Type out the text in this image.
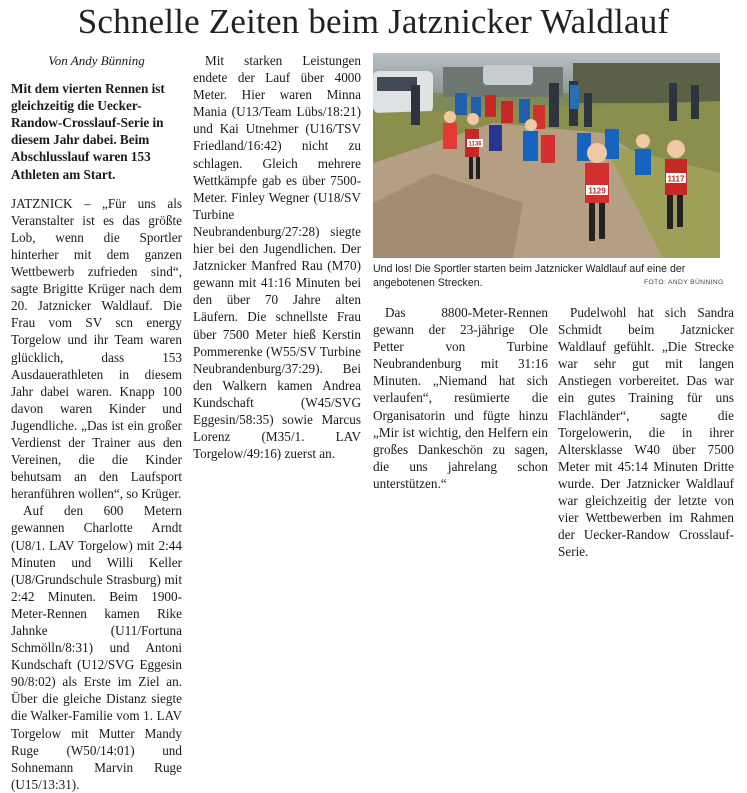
Schnelle Zeiten beim Jatznicker Waldlauf

Von Andy Bünning

Mit dem vierten Rennen ist gleichzeitig die Uecker-Randow-Crosslauf-Serie in diesem Jahr dabei. Beim Abschlusslauf waren 153 Athleten am Start.

JATZNICK – „Für uns als Veranstalter ist es das größte Lob, wenn die Sportler hinterher mit dem ganzen Wettbewerb zufrieden sind“, sagte Brigitte Krüger nach dem 20. Jatznicker Waldlauf. Die Frau vom SV scn energy Torgelow und ihr Team waren glücklich, dass 153 Ausdauerathleten in diesem Jahr dabei waren. Knapp 100 davon waren Kinder und Jugendliche. „Das ist ein großer Verdienst der Trainer aus den Vereinen, die die Kinder behutsam an den Laufsport heranführen wollen“, so Krüger.

Auf den 600 Metern gewannen Charlotte Arndt (U8/1. LAV Torgelow) mit 2:44 Minuten und Willi Keller (U8/Grundschule Strasburg) mit 2:42 Minuten. Beim 1900-Meter-Rennen kamen Rike Jahnke (U11/Fortuna Schmölln/8:31) und Antoni Kundschaft (U12/SVG Eggesin 90/8:02) als Erste im Ziel an. Über die gleiche Distanz siegte die Walker-Familie vom 1. LAV Torgelow mit Mutter Mandy Ruge (W50/14:01) und Sohnemann Marvin Ruge (U15/13:31).

Mit starken Leistungen endete der Lauf über 4000 Meter. Hier waren Minna Mania (U13/Team Lübs/18:21) und Kai Utnehmer (U16/TSV Friedland/16:42) nicht zu schlagen. Gleich mehrere Wettkämpfe gab es über 7500-Meter. Finley Wegner (U18/SV Turbine Neubrandenburg/27:28) siegte hier bei den Jugendlichen. Der Jatznicker Manfred Rau (M70) gewann mit 41:16 Minuten bei den über 70 Jahre alten Läufern. Die schnellste Frau über 7500 Meter hieß Kerstin Pommerenke (W55/SV Turbine Neubrandenburg/37:29). Bei den Walkern kamen Andrea Kundschaft (W45/SVG Eggesin/58:35) sowie Marcus Lorenz (M35/1. LAV Torgelow/49:16) zuerst an.

1129
1117
1136
Und los! Die Sportler starten beim Jatznicker Waldlauf auf eine der angebotenen Strecken.	FOTO: ANDY BÜNNING

Das 8800-Meter-Rennen gewann der 23-jährige Ole Petter von Turbine Neubrandenburg mit 31:16 Minuten. „Niemand hat sich verlaufen“, resümierte die Organisatorin und fügte hinzu „Mir ist wichtig, den Helfern ein großes Dankeschön zu sagen, die uns jahrelang schon unterstützen.“

Pudelwohl hat sich Sandra Schmidt beim Jatznicker Waldlauf gefühlt. „Die Strecke war sehr gut mit langen Anstiegen vorbereitet. Das war ein gutes Training für uns Flachländer“, sagte die Torgelowerin, die in ihrer Altersklasse W40 über 7500 Meter mit 45:14 Minuten Dritte wurde. Der Jatznicker Waldlauf war gleichzeitig der letzte von vier Wettbewerben im Rahmen der Uecker-Randow Crosslauf-Serie.
